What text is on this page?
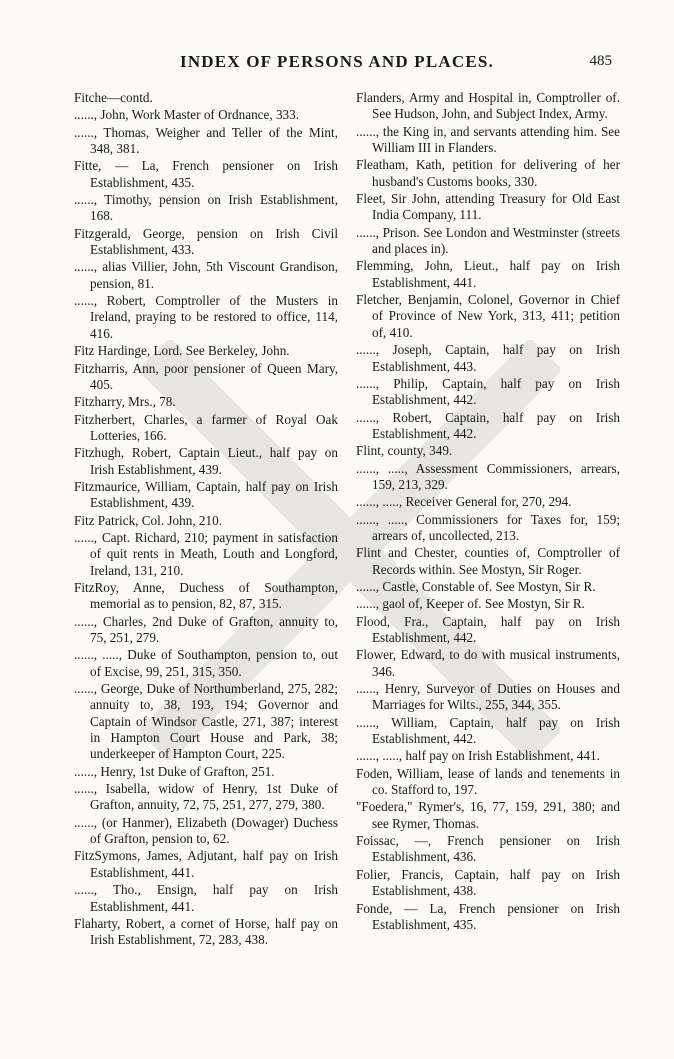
INDEX OF PERSONS AND PLACES.	485
Fitche—contd.
......, John, Work Master of Ordnance, 333.
......, Thomas, Weigher and Teller of the Mint, 348, 381.
Fitte, — La, French pensioner on Irish Establishment, 435.
......, Timothy, pension on Irish Establishment, 168.
Fitzgerald, George, pension on Irish Civil Establishment, 433.
......, alias Villier, John, 5th Viscount Grandison, pension, 81.
......, Robert, Comptroller of the Musters in Ireland, praying to be restored to office, 114, 416.
Fitz Hardinge, Lord. See Berkeley, John.
Fitzharris, Ann, poor pensioner of Queen Mary, 405.
Fitzharry, Mrs., 78.
Fitzherbert, Charles, a farmer of Royal Oak Lotteries, 166.
Fitzhugh, Robert, Captain Lieut., half pay on Irish Establishment, 439.
Fitzmaurice, William, Captain, half pay on Irish Establishment, 439.
Fitz Patrick, Col. John, 210.
......, Capt. Richard, 210; payment in satisfaction of quit rents in Meath, Louth and Longford, Ireland, 131, 210.
FitzRoy, Anne, Duchess of Southampton, memorial as to pension, 82, 87, 315.
......, Charles, 2nd Duke of Grafton, annuity to, 75, 251, 279.
......, ....., Duke of Southampton, pension to, out of Excise, 99, 251, 315, 350.
......, George, Duke of Northumberland, 275, 282; annuity to, 38, 193, 194; Governor and Captain of Windsor Castle, 271, 387; interest in Hampton Court House and Park, 38; underkeeper of Hampton Court, 225.
......, Henry, 1st Duke of Grafton, 251.
......, Isabella, widow of Henry, 1st Duke of Grafton, annuity, 72, 75, 251, 277, 279, 380.
......, (or Hanmer), Elizabeth (Dowager) Duchess of Grafton, pension to, 62.
FitzSymons, James, Adjutant, half pay on Irish Establishment, 441.
......, Tho., Ensign, half pay on Irish Establishment, 441.
Flaharty, Robert, a cornet of Horse, half pay on Irish Establishment, 72, 283, 438.
Flanders, Army and Hospital in, Comptroller of. See Hudson, John, and Subject Index, Army.
......, the King in, and servants attending him. See William III in Flanders.
Fleatham, Kath, petition for delivering of her husband's Customs books, 330.
Fleet, Sir John, attending Treasury for Old East India Company, 111.
......, Prison. See London and Westminster (streets and places in).
Flemming, John, Lieut., half pay on Irish Establishment, 441.
Fletcher, Benjamin, Colonel, Governor in Chief of Province of New York, 313, 411; petition of, 410.
......, Joseph, Captain, half pay on Irish Establishment, 443.
......, Philip, Captain, half pay on Irish Establishment, 442.
......, Robert, Captain, half pay on Irish Establishment, 442.
Flint, county, 349.
......, ....., Assessment Commissioners, arrears, 159, 213, 329.
......, ....., Receiver General for, 270, 294.
......, ....., Commissioners for Taxes for, 159; arrears of, uncollected, 213.
Flint and Chester, counties of, Comptroller of Records within. See Mostyn, Sir Roger.
......, Castle, Constable of. See Mostyn, Sir R.
......, gaol of, Keeper of. See Mostyn, Sir R.
Flood, Fra., Captain, half pay on Irish Establishment, 442.
Flower, Edward, to do with musical instruments, 346.
......, Henry, Surveyor of Duties on Houses and Marriages for Wilts., 255, 344, 355.
......, William, Captain, half pay on Irish Establishment, 442.
......, ....., half pay on Irish Establishment, 441.
Foden, William, lease of lands and tenements in co. Stafford to, 197.
"Foedera," Rymer's, 16, 77, 159, 291, 380; and see Rymer, Thomas.
Foissac, —, French pensioner on Irish Establishment, 436.
Folier, Francis, Captain, half pay on Irish Establishment, 438.
Fonde, — La, French pensioner on Irish Establishment, 435.
